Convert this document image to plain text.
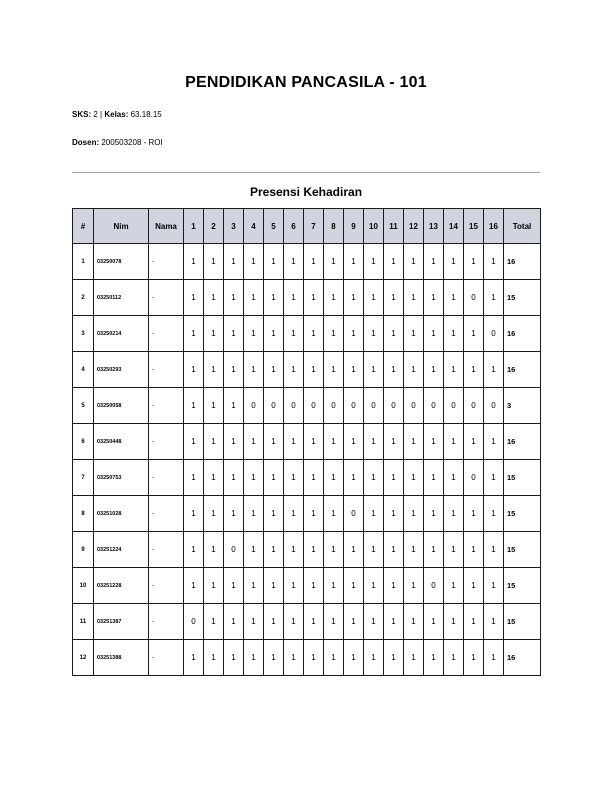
PENDIDIKAN PANCASILA - 101
SKS: 2 | Kelas: 63.18.15
Dosen: 200503208 - ROI
Presensi Kehadiran
#	Nim	Nama	1	2	3	4	5	6	7	8	9	10	11	12	13	14	15	16	Total
1	03250078	-	1	1	1	1	1	1	1	1	1	1	1	1	1	1	1	1	16
2	03250112	-	1	1	1	1	1	1	1	1	1	1	1	1	1	1	0	1	15
3	03250214	-	1	1	1	1	1	1	1	1	1	1	1	1	1	1	1	0	16
4	03250293	-	1	1	1	1	1	1	1	1	1	1	1	1	1	1	1	1	16
5	03250058	-	1	1	1	0	0	0	0	0	0	0	0	0	0	0	0	0	3
6	03250448	-	1	1	1	1	1	1	1	1	1	1	1	1	1	1	1	1	16
7	03250753	-	1	1	1	1	1	1	1	1	1	1	1	1	1	1	0	1	15
8	03251028	-	1	1	1	1	1	1	1	1	0	1	1	1	1	1	1	1	15
9	03251224	-	1	1	0	1	1	1	1	1	1	1	1	1	1	1	1	1	15
10	03251228	-	1	1	1	1	1	1	1	1	1	1	1	1	0	1	1	1	15
11	03251387	-	0	1	1	1	1	1	1	1	1	1	1	1	1	1	1	1	15
12	03251388	-	1	1	1	1	1	1	1	1	1	1	1	1	1	1	1	1	16
